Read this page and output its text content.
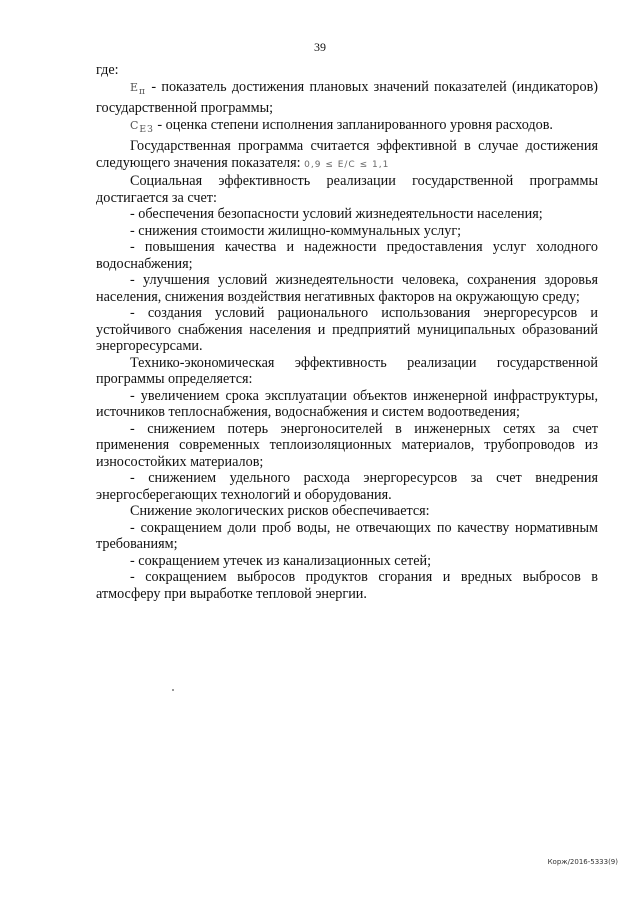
39

где:

$Е_п$ - показатель достижения плановых значений показателей (индикаторов) государственной программы;

$С_{ЕЗ}$ - оценка степени исполнения запланированного уровня расходов.

Государственная программа считается эффективной в случае достижения следующего значения показателя: 0,9 ≤ Е/С ≤ 1,1

Социальная эффективность реализации государственной программы достигается за счет:

- обеспечения безопасности условий жизнедеятельности населения;

- снижения стоимости жилищно-коммунальных услуг;

- повышения качества и надежности предоставления услуг холодного водоснабжения;

- улучшения условий жизнедеятельности человека, сохранения здоровья населения, снижения воздействия негативных факторов на окружающую среду;

- создания условий рационального использования энергоресурсов и устойчивого снабжения населения и предприятий муниципальных образований энергоресурсами.

Технико-экономическая эффективность реализации государственной программы определяется:

- увеличением срока эксплуатации объектов инженерной инфраструктуры, источников теплоснабжения, водоснабжения и систем водоотведения;

- снижением потерь энергоносителей в инженерных сетях за счет применения современных теплоизоляционных материалов, трубопроводов из износостойких материалов;

- снижением удельного расхода энергоресурсов за счет внедрения энергосберегающих технологий и оборудования.

Снижение экологических рисков обеспечивается:

- сокращением доли проб воды, не отвечающих по качеству нормативным требованиям;

- сокращением утечек из канализационных сетей;

- сокращением выбросов продуктов сгорания и вредных выбросов в атмосферу при выработке тепловой энергии.

Корж/2016-5333(9)
